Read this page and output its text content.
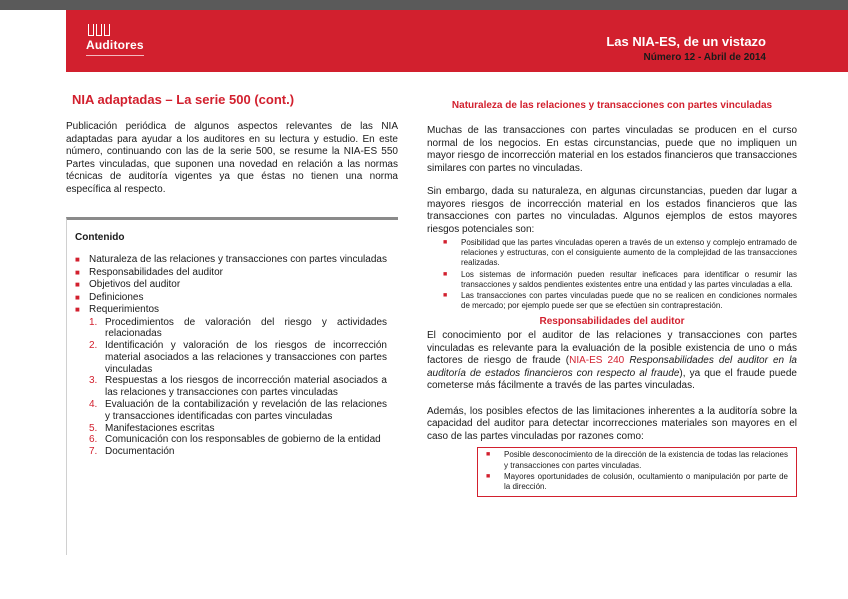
Auditores	Las NIA-ES, de un vistazo
Número 12 - Abril de 2014
NIA adaptadas – La serie 500 (cont.)
Publicación periódica de algunos aspectos relevantes de las NIA adaptadas para ayudar a los auditores en su lectura y estudio. En este número, continuando con las de la serie 500, se resume la NIA-ES 550 Partes vinculadas, que suponen una novedad en relación a las normas técnicas de auditoría vigentes ya que éstas no tienen una norma específica al respecto.
Contenido
■ Naturaleza de las relaciones y transacciones con partes vinculadas
■ Responsabilidades del auditor
■ Objetivos del auditor
■ Definiciones
■ Requerimientos
1. Procedimientos de valoración del riesgo y actividades relacionadas
2. Identificación y valoración de los riesgos de incorrección material asociados a las relaciones y transacciones con partes vinculadas
3. Respuestas a los riesgos de incorrección material asociados a las relaciones y transacciones con partes vinculadas
4. Evaluación de la contabilización y revelación de las relaciones y transacciones identificadas con partes vinculadas
5. Manifestaciones escritas
6. Comunicación con los responsables de gobierno de la entidad
7. Documentación
Naturaleza de las relaciones y transacciones con partes vinculadas
Muchas de las transacciones con partes vinculadas se producen en el curso normal de los negocios. En estas circunstancias, puede que no impliquen un mayor riesgo de incorrección material en los estados financieros que transacciones similares con partes no vinculadas.
Sin embargo, dada su naturaleza, en algunas circunstancias, pueden dar lugar a mayores riesgos de incorrección material en los estados financieros que las transacciones con partes no vinculadas. Algunos ejemplos de estos mayores riesgos potenciales son:
■	Posibilidad que las partes vinculadas operen a través de un extenso y complejo entramado de relaciones y estructuras, con el consiguiente aumento de la complejidad de las transacciones realizadas.
■	Los sistemas de información pueden resultar ineficaces para identificar o resumir las transacciones y saldos pendientes existentes entre una entidad y las partes vinculadas a ella.
■	Las transacciones con partes vinculadas puede que no se realicen en condiciones normales de mercado; por ejemplo puede ser que se efectúen sin contraprestación.
Responsabilidades del auditor
El conocimiento por el auditor de las relaciones y transacciones con partes vinculadas es relevante para la evaluación de la posible existencia de uno o más factores de riesgo de fraude (NIA-ES 240 Responsabilidades del auditor en la auditoría de estados financieros con respecto al fraude), ya que el fraude puede cometerse más fácilmente a través de las partes vinculadas.
Además, los posibles efectos de las limitaciones inherentes a la auditoría sobre la capacidad del auditor para detectar incorrecciones materiales son mayores en el caso de las partes vinculadas por razones como:
■	Posible desconocimiento de la dirección de la existencia de todas las relaciones y transacciones con partes vinculadas.
■	Mayores oportunidades de colusión, ocultamiento o manipulación por parte de la dirección.
